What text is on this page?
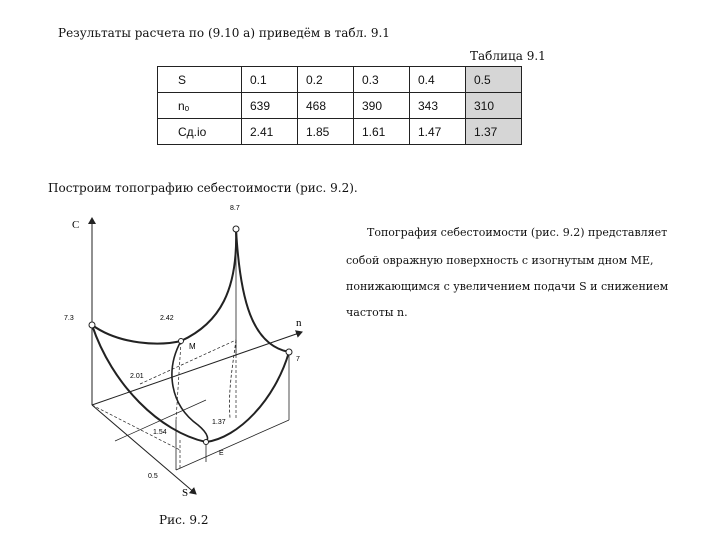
Результаты расчета по (9.10 а) приведём в табл. 9.1
Таблица 9.1
S	0.1	0.2	0.3	0.4	0.5
nₒ	639	468	390	343	310
Cд.iо	2.41	1.85	1.61	1.47	1.37
Построим топографию себестоимости (рис. 9.2).
Топография себестоимости (рис. 9.2) представляет
собой овражную поверхность с изогнутым дном МЕ,
понижающимся с увеличением подачи S и снижением
частоты n.
C
n
S
8.7
7.3
7
2.42
M
2.01
1.54
1.37
E
0.5
Рис. 9.2
